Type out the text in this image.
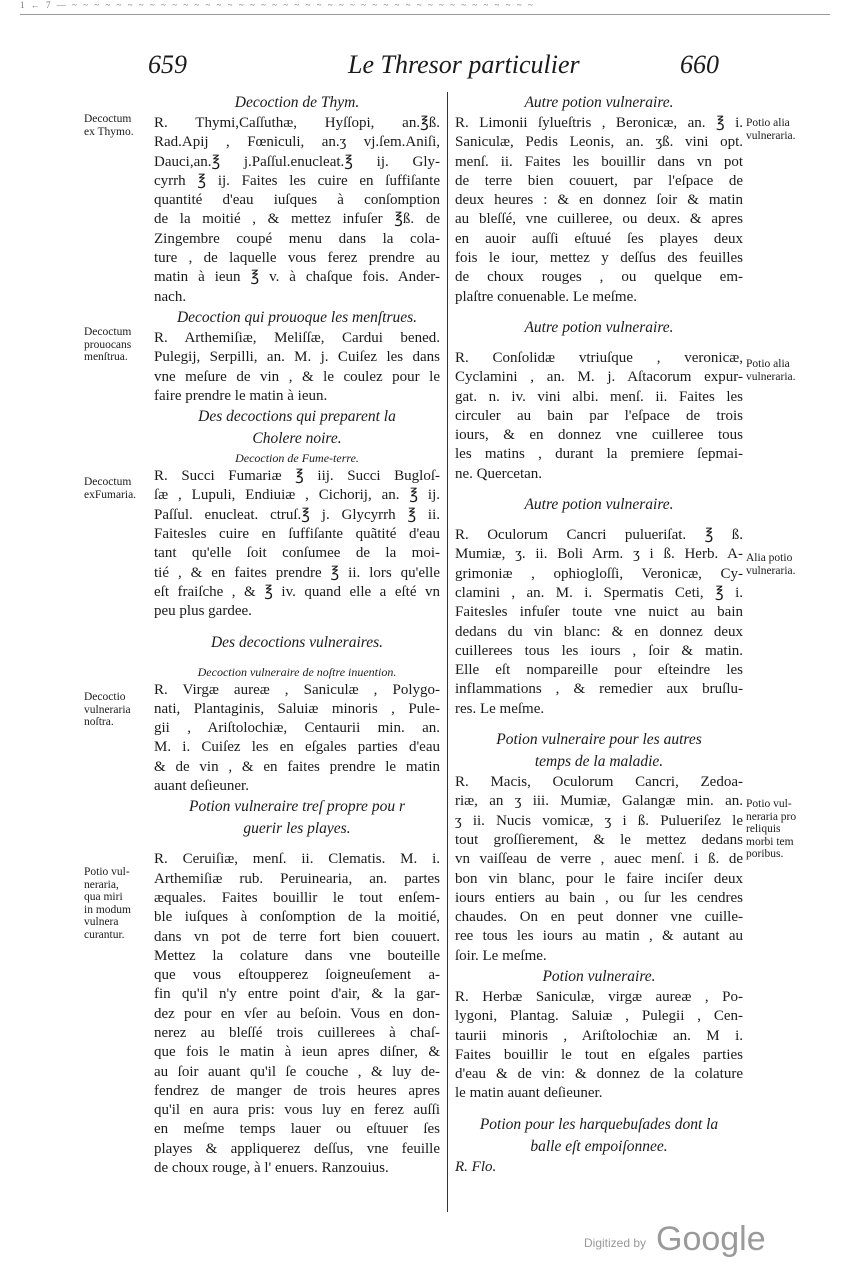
1 ← 7 — ~ ~ ~ ~ ~ ~ ~ ~ ~ ~ ~ ~ ~ ~ ~ ~ ~ ~ ~ ~ ~ ~ ~ ~ ~ ~ ~ ~ ~ ~ ~ ~ ~ ~ ~ ~ ~ ~ ~ ~ ~ ~
659	Le Thresor particulier	660
Decoction de Thym.
R. Thymi,Caſſuthæ, Hyſſopi, an.℥ß.
Rad.Apij , Fœniculi, an.ʒ vj.ſem.Aniſi,
Dauci,an.℥ j.Paſſul.enucleat.℥ ij. Gly-
cyrrh ℥ ij. Faites les cuire en ſuffiſante
quantité d'eau iuſques à conſomption
de la moitié , & mettez infuſer ℥ß. de
Zingembre coupé menu dans la cola-
ture , de laquelle vous ferez prendre au
matin à ieun ℥ v. à chaſque fois. Ander-
nach.
Decoction qui prouoque les menſtrues.
R. Arthemiſiæ, Meliſſæ, Cardui bened.
Pulegij, Serpilli, an. M. j. Cuiſez les dans
vne meſure de vin , & le coulez pour le
faire prendre le matin à ieun.
Des decoctions qui preparent la
Cholere noire.
Decoction de Fume-terre.
R. Succi Fumariæ ℥ iij. Succi Bugloſ-
ſæ , Lupuli, Endiuiæ , Cichorij, an. ℥ ij.
Paſſul. enucleat. ctruſ.℥ j. Glycyrrh ℥ ii.
Faitesles cuire en ſuffiſante quãtité d'eau
tant qu'elle ſoit conſumee de la moi-
tié , & en faites prendre ℥ ii. lors qu'elle
eſt fraiſche , & ℥ iv. quand elle a eſté vn
peu plus gardee.
Des decoctions vulneraires.
Decoction vulneraire de noſtre inuention.
R. Virgæ aureæ , Saniculæ , Polygo-
nati, Plantaginis, Saluiæ minoris , Pule-
gii , Ariſtolochiæ, Centaurii min. an.
M. i. Cuiſez les en eſgales parties d'eau
& de vin , & en faites prendre le matin
auant deſieuner.
Potion vulneraire treſ propre pou r
guerir les playes.
R. Ceruiſiæ, menſ. ii. Clematis. M. i.
Arthemiſiæ rub. Peruinearia, an. partes
æquales. Faites bouillir le tout enſem-
ble iuſques à conſomption de la moitié,
dans vn pot de terre fort bien couuert.
Mettez la colature dans vne bouteille
que vous eſtoupperez ſoigneuſement a-
fin qu'il n'y entre point d'air, & la gar-
dez pour en vſer au beſoin. Vous en don-
nerez au bleſſé trois cuillerees à chaſ-
que fois le matin à ieun apres diſner, &
au ſoir auant qu'il ſe couche , & luy de-
fendrez de manger de trois heures apres
qu'il en aura pris: vous luy en ferez auſſi
en meſme temps lauer ou eſtuuer ſes
playes & appliquerez deſſus, vne feuille
de choux rouge, à l' enuers. Ranzouius.
Autre potion vulneraire.
R. Limonii ſylueſtris , Beronicæ, an. ℥ i.
Saniculæ, Pedis Leonis, an. ʒß. vini opt.
menſ. ii. Faites les bouillir dans vn pot
de terre bien couuert, par l'eſpace de
deux heures : & en donnez ſoir & matin
au bleſſé, vne cuilleree, ou deux. & apres
en auoir auſſi eſtuué ſes playes deux
fois le iour, mettez y deſſus des feuilles
de choux rouges , ou quelque em-
plaſtre conuenable. Le meſme.
Autre potion vulneraire.
R. Conſolidæ vtriuſque , veronicæ,
Cyclamini , an. M. j. Aſtacorum expur-
gat. n. iv. vini albi. menſ. ii. Faites les
circuler au bain par l'eſpace de trois
iours, & en donnez vne cuilleree tous
les matins , durant la premiere ſepmai-
ne. Quercetan.
Autre potion vulneraire.
R. Oculorum Cancri pulueriſat. ℥ ß.
Mumiæ, ʒ. ii. Boli Arm. ʒ i ß. Herb. A-
grimoniæ , ophiogloſſi, Veronicæ, Cy-
clamini , an. M. i. Spermatis Ceti, ℥ i.
Faitesles infuſer toute vne nuict au bain
dedans du vin blanc: & en donnez deux
cuillerees tous les iours , ſoir & matin.
Elle eſt nompareille pour eſteindre les
inflammations , & remedier aux bruſlu-
res. Le meſme.
Potion vulneraire pour les autres
temps de la maladie.
R. Macis, Oculorum Cancri, Zedoa-
riæ, an ʒ iii. Mumiæ, Galangæ min. an.
ʒ ii. Nucis vomicæ, ʒ i ß. Pulueriſez le
tout groſſierement, & le mettez dedans
vn vaiſſeau de verre , auec menſ. i ß. de
bon vin blanc, pour le faire inciſer deux
iours entiers au bain , ou ſur les cendres
chaudes. On en peut donner vne cuille-
ree tous les iours au matin , & autant au
ſoir. Le meſme.
Potion vulneraire.
R. Herbæ Saniculæ, virgæ aureæ , Po-
lygoni, Plantag. Saluiæ , Pulegii , Cen-
taurii minoris , Ariſtolochiæ an. M i.
Faites bouillir le tout en eſgales parties
d'eau & de vin: & donnez de la colature
le matin auant deſieuner.
Potion pour les harquebuſades dont la
balle eſt empoiſonnee.
R. Flo.
Decoctum
ex Thymo.
Decoctum
prouocans
menſtrua.
Decoctum
exFumaria.
Decoctio
vulneraria
noſtra.
Potio vul-
neraria,
qua miri
in modum
vulnera
curantur.
Potio alia
vulneraria.
Potio alia
vulneraria.
Alia potio
vulneraria.
Potio vul-
neraria pro
reliquis
morbi tem
poribus.
Digitized by Google
